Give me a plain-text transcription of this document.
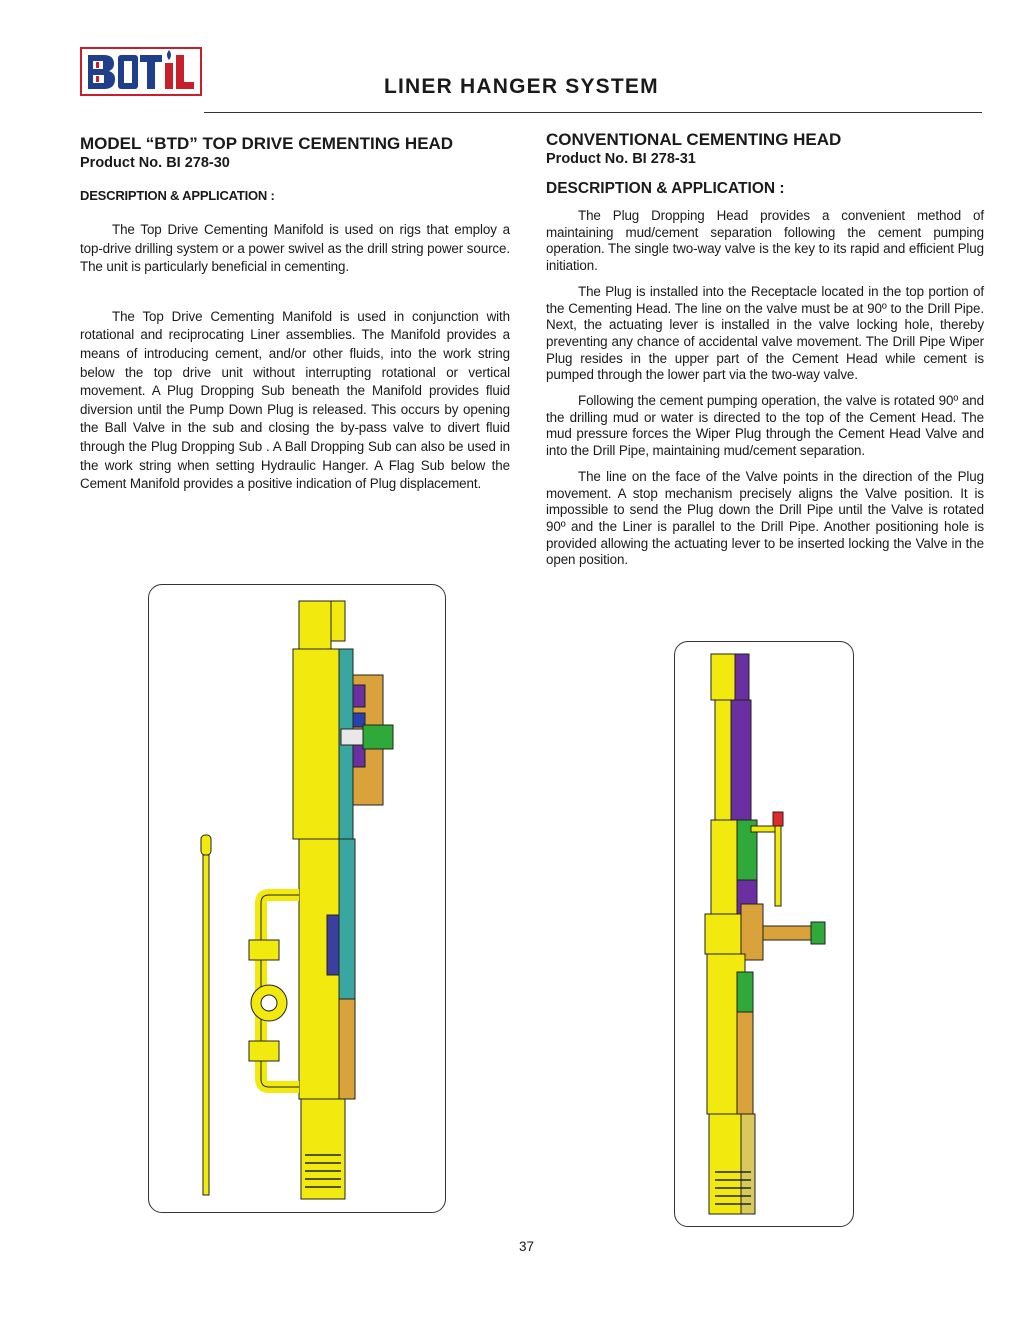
LINER HANGER SYSTEM
MODEL “BTD” TOP DRIVE CEMENTING HEAD
Product No. BI 278-30
DESCRIPTION & APPLICATION :

The Top Drive Cementing Manifold is used on rigs that employ a top-drive drilling system or a power swivel as the drill string power source. The unit is particularly beneficial in cementing.

The Top Drive Cementing Manifold is used in conjunction with rotational and reciprocating Liner assemblies. The Manifold provides a means of introducing cement, and/or other fluids, into the work string below the top drive unit without interrupting rotational or vertical movement. A Plug Dropping Sub beneath the Manifold provides fluid diversion until the Pump Down Plug is released. This occurs by opening the Ball Valve in the sub and closing the by-pass valve to divert fluid through the Plug Dropping Sub . A Ball Dropping Sub can also be used in the work string when setting Hydraulic Hanger. A Flag Sub below the Cement Manifold provides a positive indication of Plug displacement.

CONVENTIONAL CEMENTING HEAD
Product No. BI 278-31
DESCRIPTION & APPLICATION :

The Plug Dropping Head provides a convenient method of maintaining mud/cement separation following the cement pumping operation. The single two-way valve is the key to its rapid and efficient Plug initiation.

The Plug is installed into the Receptacle located in the top portion of the Cementing Head. The line on the valve must be at 90º to the Drill Pipe. Next, the actuating lever is installed in the valve locking hole, thereby preventing any chance of accidental valve movement. The Drill Pipe Wiper Plug resides in the upper part of the Cement Head while cement is pumped through the lower part via the two-way valve.

Following the cement pumping operation, the valve is rotated 90º and the drilling mud or water is directed to the top of the Cement Head. The mud pressure forces the Wiper Plug through the Cement Head Valve and into the Drill Pipe, maintaining mud/cement separation.

The line on the face of the Valve points in the direction of the Plug movement. A stop mechanism precisely aligns the Valve position. It is impossible to send the Plug down the Drill Pipe until the Valve is rotated 90º and the Liner is parallel to the Drill Pipe. Another positioning hole is provided allowing the actuating lever to be inserted locking the Valve in the open position.

37
